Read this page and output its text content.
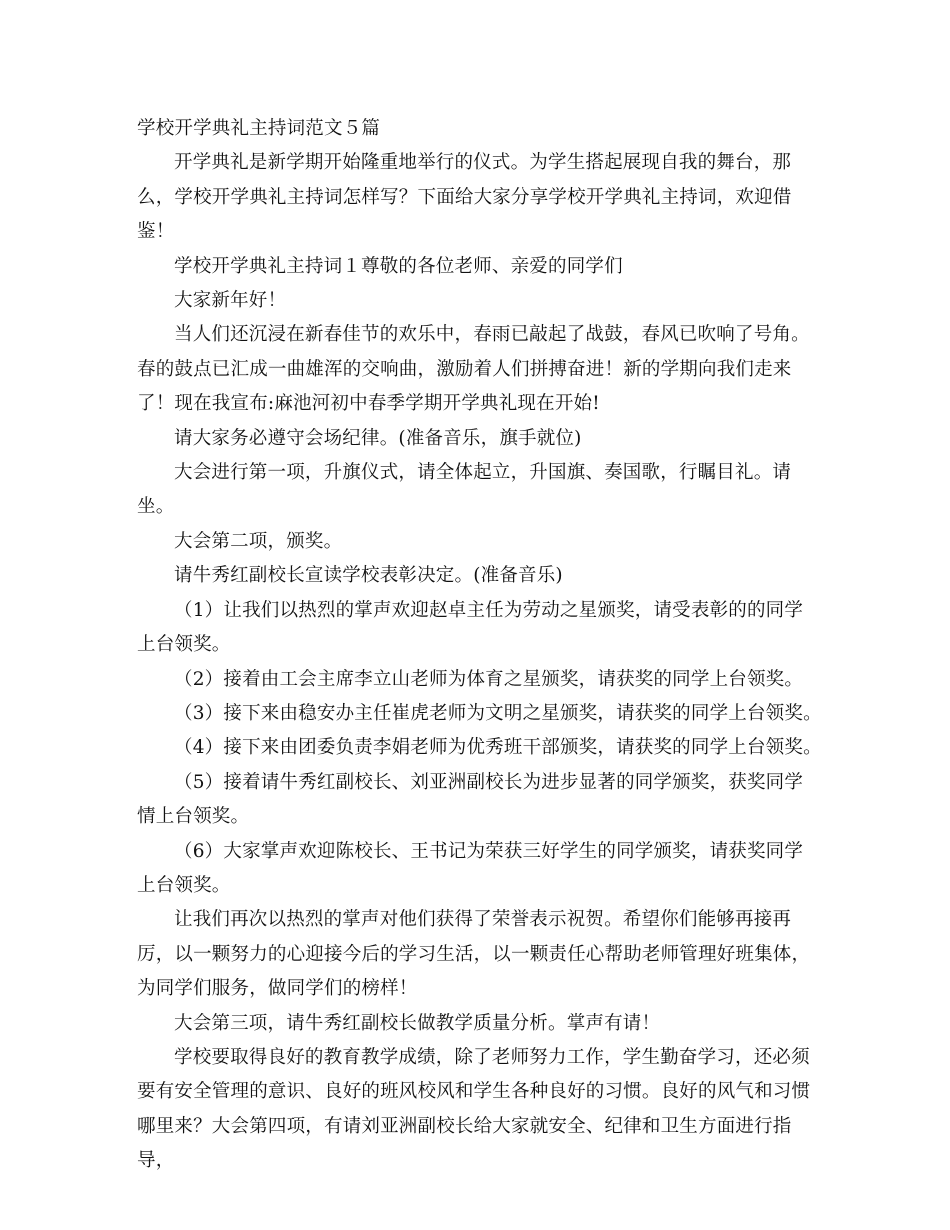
学校开学典礼主持词范文５篇

开学典礼是新学期开始隆重地举行的仪式。为学生搭起展现自我的舞台，那么，学校开学典礼主持词怎样写？下面给大家分享学校开学典礼主持词，欢迎借鉴！

学校开学典礼主持词１尊敬的各位老师、亲爱的同学们

大家新年好！

当人们还沉浸在新春佳节的欢乐中，春雨已敲起了战鼓，春风已吹响了号角。春的鼓点已汇成一曲雄浑的交响曲，激励着人们拼搏奋进！新的学期向我们走来了！现在我宣布:麻池河初中春季学期开学典礼现在开始!

请大家务必遵守会场纪律。(准备音乐，旗手就位)

大会进行第一项，升旗仪式，请全体起立，升国旗、奏国歌，行瞩目礼。请坐。

大会第二项，颁奖。

请牛秀红副校长宣读学校表彰决定。(准备音乐)

（1）让我们以热烈的掌声欢迎赵卓主任为劳动之星颁奖，请受表彰的的同学上台领奖。

（2）接着由工会主席李立山老师为体育之星颁奖，请获奖的同学上台领奖。

（3）接下来由稳安办主任崔虎老师为文明之星颁奖，请获奖的同学上台领奖。

（4）接下来由团委负责李娟老师为优秀班干部颁奖，请获奖的同学上台领奖。

（5）接着请牛秀红副校长、刘亚洲副校长为进步显著的同学颁奖，获奖同学情上台领奖。

（6）大家掌声欢迎陈校长、王书记为荣获三好学生的同学颁奖，请获奖同学上台领奖。

让我们再次以热烈的掌声对他们获得了荣誉表示祝贺。希望你们能够再接再厉，以一颗努力的心迎接今后的学习生活，以一颗责任心帮助老师管理好班集体，为同学们服务，做同学们的榜样！

大会第三项，请牛秀红副校长做教学质量分析。掌声有请！

学校要取得良好的教育教学成绩，除了老师努力工作，学生勤奋学习，还必须要有安全管理的意识、良好的班风校风和学生各种良好的习惯。良好的风气和习惯哪里来？大会第四项，有请刘亚洲副校长给大家就安全、纪律和卫生方面进行指导，
